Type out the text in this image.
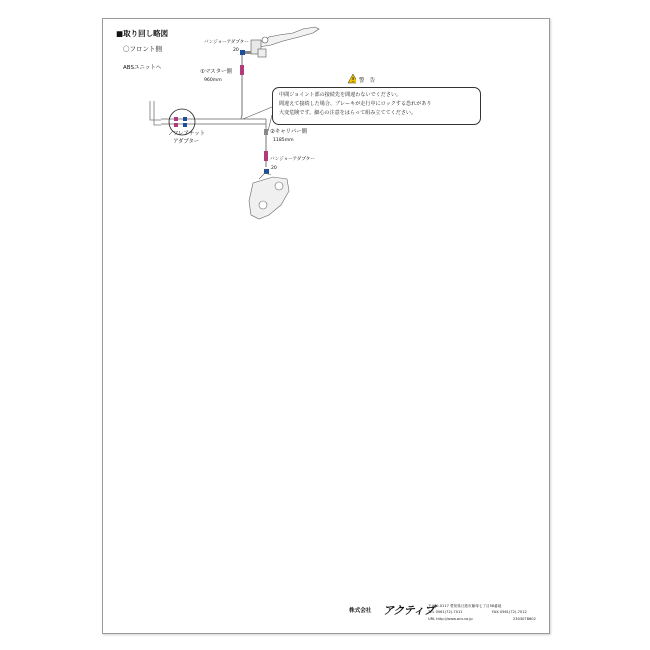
■取り回し略図
〇フロント側
ABSユニットへ
バンジョーアダプター
20
①マスター側
960mm
②キャリパー側
1185mm
バンジョーアダプター
20
フレアナット
アダプター
警　告
中間ジョイント部の接続先を間違わないでください。
間違えて接続した場合、ブレーキが走行中にロックする恐れがあり
大変危険です。細心の注意をはらって組み立ててください。
株式会社 アクティブ
〒470-0117 愛知県日進市藤塚七丁目58番地
TEL 0561(72)-7011	FAX 0561(72)-7012
URL http://www.acv.co.jp	2303078602
